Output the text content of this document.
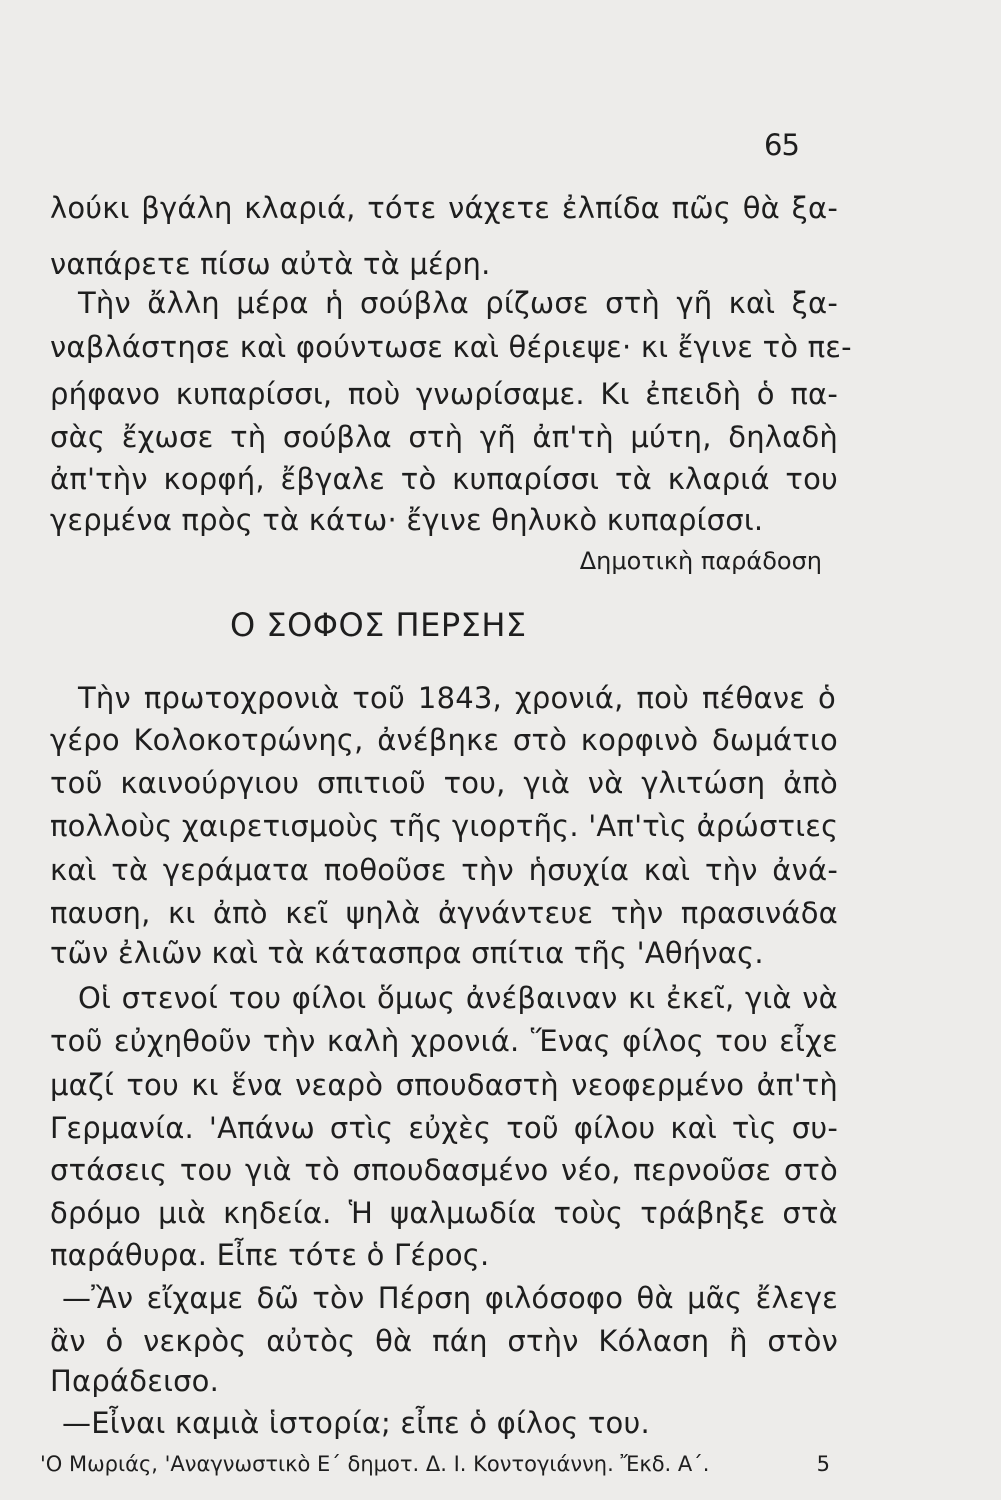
65
λούκι βγάλη κλαριά, τότε νάχετε ἐλπίδα πῶς θὰ ξα-
ναπάρετε πίσω αὐτὰ τὰ μέρη.
Τὴν ἄλλη μέρα ἡ σούβλα ρίζωσε στὴ γῆ καὶ ξα-
ναβλάστησε καὶ φούντωσε καὶ θέριεψε· κι ἔγινε τὸ πε-
ρήφανο κυπαρίσσι, ποὺ γνωρίσαμε. Κι ἐπειδὴ ὁ πα-
σὰς ἔχωσε τὴ σούβλα στὴ γῆ ἀπ'τὴ μύτη, δηλαδὴ
ἀπ'τὴν κορφή, ἔβγαλε τὸ κυπαρίσσι τὰ κλαριά του
γερμένα πρὸς τὰ κάτω· ἔγινε θηλυκὸ κυπαρίσσι.
Δημοτικὴ παράδοση
Ο ΣΟΦΟΣ ΠΕΡΣΗΣ
Τὴν πρωτοχρονιὰ τοῦ 1843, χρονιά, ποὺ πέθανε ὁ
γέρο Κολοκοτρώνης, ἀνέβηκε στὸ κορφινὸ δωμάτιο
τοῦ καινούργιου σπιτιοῦ του, γιὰ νὰ γλιτώση ἀπὸ
πολλοὺς χαιρετισμοὺς τῆς γιορτῆς. 'Απ'τὶς ἀρώστιες
καὶ τὰ γεράματα ποθοῦσε τὴν ἡσυχία καὶ τὴν ἀνά-
παυση, κι ἀπὸ κεῖ ψηλὰ ἀγνάντευε τὴν πρασινάδα
τῶν ἐλιῶν καὶ τὰ κάτασπρα σπίτια τῆς 'Αθήνας.
Οἱ στενοί του φίλοι ὅμως ἀνέβαιναν κι ἐκεῖ, γιὰ νὰ
τοῦ εὐχηθοῦν τὴν καλὴ χρονιά. Ἕνας φίλος του εἶχε
μαζί του κι ἕνα νεαρὸ σπουδαστὴ νεοφερμένο ἀπ'τὴ
Γερμανία. 'Απάνω στὶς εὐχὲς τοῦ φίλου καὶ τὶς συ-
στάσεις του γιὰ τὸ σπουδασμένο νέο, περνοῦσε στὸ
δρόμο μιὰ κηδεία. Ἡ ψαλμωδία τοὺς τράβηξε στὰ
παράθυρα. Εἶπε τότε ὁ Γέρος.
—Ἂν εἴχαμε δῶ τὸν Πέρση φιλόσοφο θὰ μᾶς ἔλεγε
ἂν ὁ νεκρὸς αὐτὸς θὰ πάη στὴν Κόλαση ἢ στὸν
Παράδεισο.
—Εἶναι καμιὰ ἱστορία; εἶπε ὁ φίλος του.
'Ο Μωριάς, 'Αναγνωστικὸ Ε΄ δημοτ. Δ. Ι. Κοντογιάννη. Ἔκδ. Α΄.	5
